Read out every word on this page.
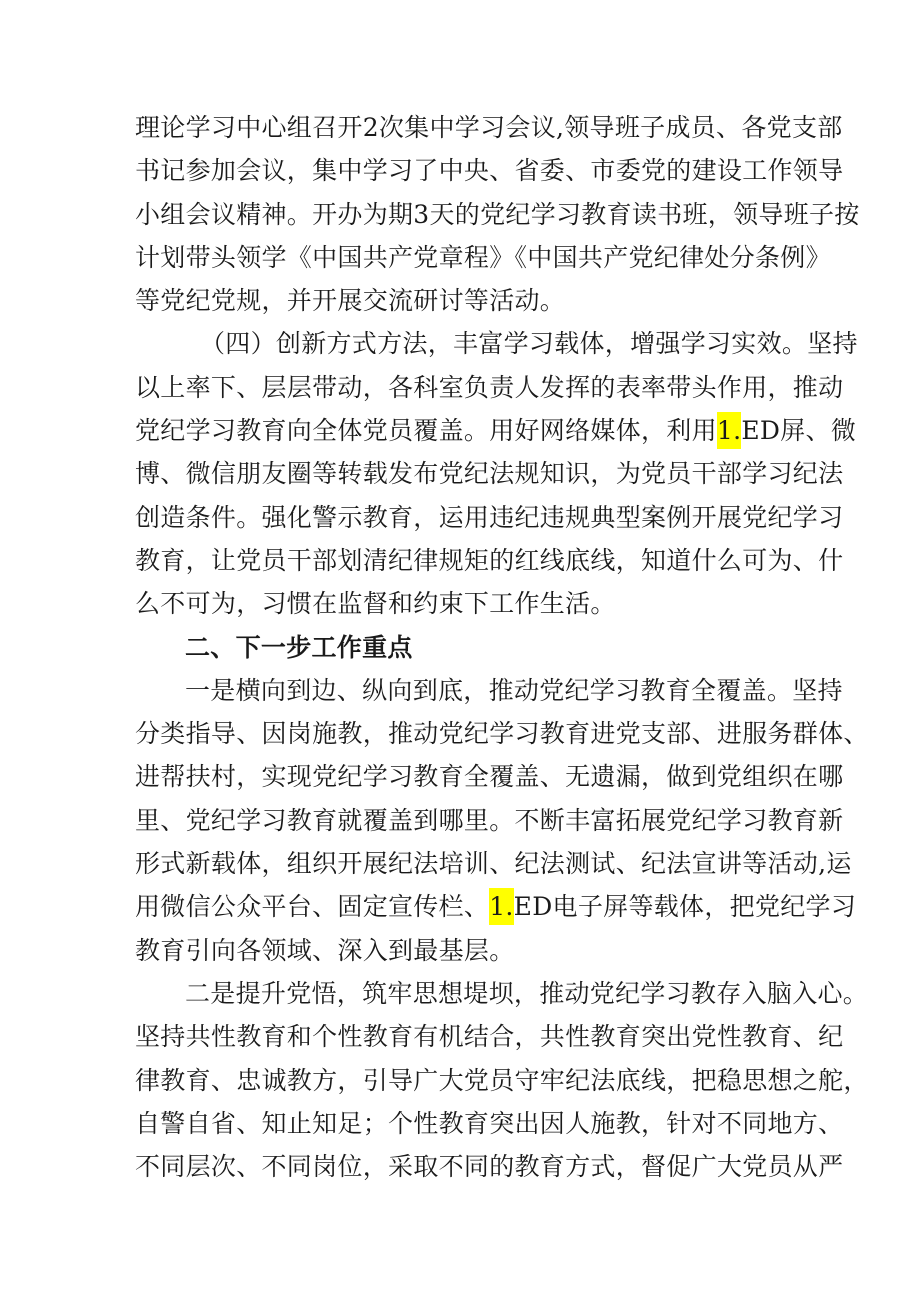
理论学习中心组召开2次集中学习会议,领导班子成员、各党支部
书记参加会议，集中学习了中央、省委、市委党的建设工作领导
小组会议精神。开办为期3天的党纪学习教育读书班，领导班子按
计划带头领学《中国共产党章程》《中国共产党纪律处分条例》
等党纪党规，并开展交流研讨等活动。
（四）创新方式方法，丰富学习载体，增强学习实效。坚持
以上率下、层层带动，各科室负责人发挥的表率带头作用，推动
党纪学习教育向全体党员覆盖。用好网络媒体，利用1.ED屏、微
博、微信朋友圈等转载发布党纪法规知识，为党员干部学习纪法
创造条件。强化警示教育，运用违纪违规典型案例开展党纪学习
教育，让党员干部划清纪律规矩的红线底线，知道什么可为、什
么不可为，习惯在监督和约束下工作生活。
二、下一步工作重点
一是横向到边、纵向到底，推动党纪学习教育全覆盖。坚持
分类指导、因岗施教，推动党纪学习教育进党支部、进服务群体、
进帮扶村，实现党纪学习教育全覆盖、无遗漏，做到党组织在哪
里、党纪学习教育就覆盖到哪里。不断丰富拓展党纪学习教育新
形式新载体，组织开展纪法培训、纪法测试、纪法宣讲等活动,运
用微信公众平台、固定宣传栏、1.ED电子屏等载体，把党纪学习
教育引向各领域、深入到最基层。
二是提升党悟，筑牢思想堤坝，推动党纪学习教存入脑入心。
坚持共性教育和个性教育有机结合，共性教育突出党性教育、纪
律教育、忠诚教方，引导广大党员守牢纪法底线，把稳思想之舵，
自警自省、知止知足；个性教育突出因人施教，针对不同地方、
不同层次、不同岗位，采取不同的教育方式，督促广大党员从严
